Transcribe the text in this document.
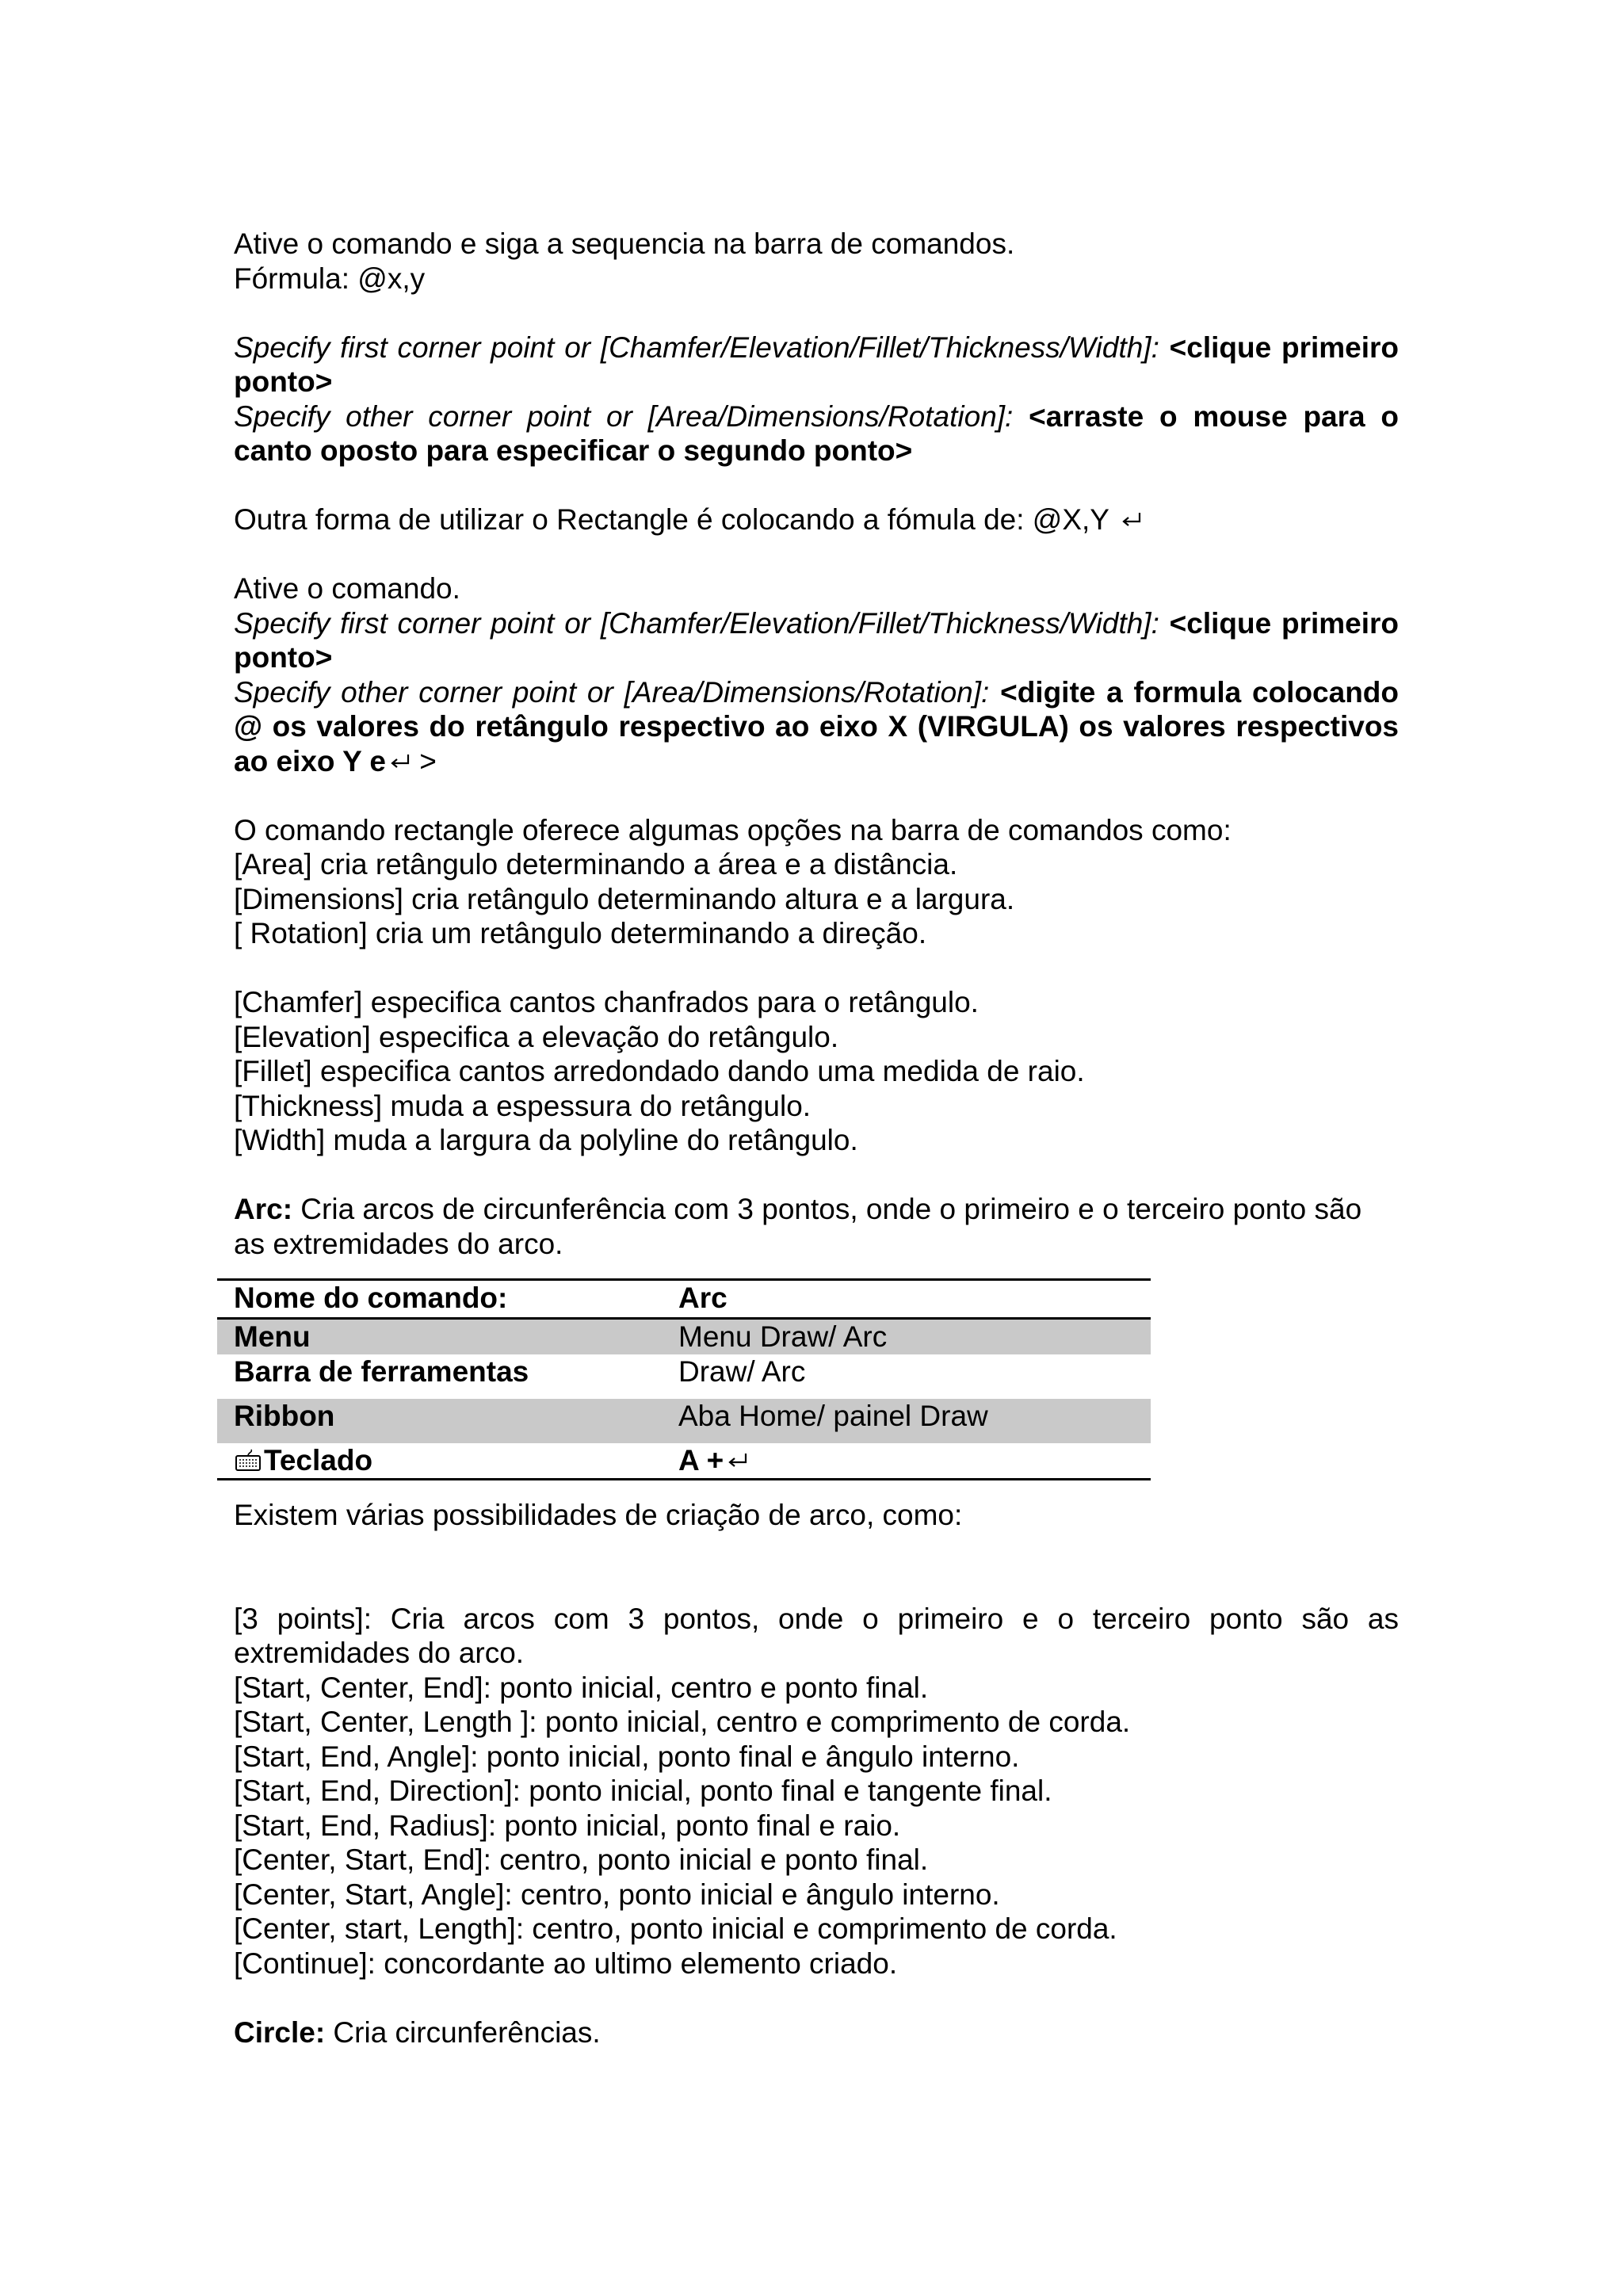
Ative o comando e siga a sequencia na barra de comandos.

Fórmula: @x,y

Specify first corner point or [Chamfer/Elevation/Fillet/Thickness/Width]: <clique primeiro ponto>

Specify other corner point or [Area/Dimensions/Rotation]: <arraste o mouse para o canto oposto para especificar o segundo ponto>

Outra forma de utilizar o Rectangle é colocando a fómula de: @X,Y

Ative o comando.

Specify first corner point or [Chamfer/Elevation/Fillet/Thickness/Width]: <clique primeiro ponto>

Specify other corner point or [Area/Dimensions/Rotation]: <digite a formula colocando @ os valores do retângulo respectivo ao eixo X (VIRGULA) os valores respectivos ao eixo Y e >

O comando rectangle oferece algumas opções na barra de comandos como:

[Area] cria retângulo determinando a área e a distância.

[Dimensions] cria retângulo determinando altura e a largura.

[ Rotation] cria um retângulo determinando a direção.

[Chamfer] especifica cantos chanfrados para o retângulo.

[Elevation] especifica a elevação do retângulo.

[Fillet] especifica cantos arredondado dando uma medida de raio.

[Thickness] muda a espessura do retângulo.

[Width] muda a largura da polyline do retângulo.

Arc: Cria arcos de circunferência com 3 pontos, onde o primeiro e o terceiro ponto são as extremidades do arco.

Nome do comando:	Arc
Menu	Menu Draw/ Arc
Barra de ferramentas	Draw/ Arc
Ribbon	Aba Home/ painel Draw
Teclado	A +

Existem várias possibilidades de criação de arco, como:

[3 points]: Cria arcos com 3 pontos, onde o primeiro e o terceiro ponto são as extremidades do arco.

[Start, Center, End]: ponto inicial, centro e ponto final.

[Start, Center, Length ]: ponto inicial, centro e comprimento de corda.

[Start, End, Angle]: ponto inicial, ponto final e ângulo interno.

[Start, End, Direction]: ponto inicial, ponto final e tangente final.

[Start, End, Radius]: ponto inicial, ponto final e raio.

[Center, Start, End]: centro, ponto inicial e ponto final.

[Center, Start, Angle]: centro, ponto inicial e ângulo interno.

[Center, start, Length]: centro, ponto inicial e comprimento de corda.

[Continue]: concordante ao ultimo elemento criado.

Circle: Cria circunferências.
